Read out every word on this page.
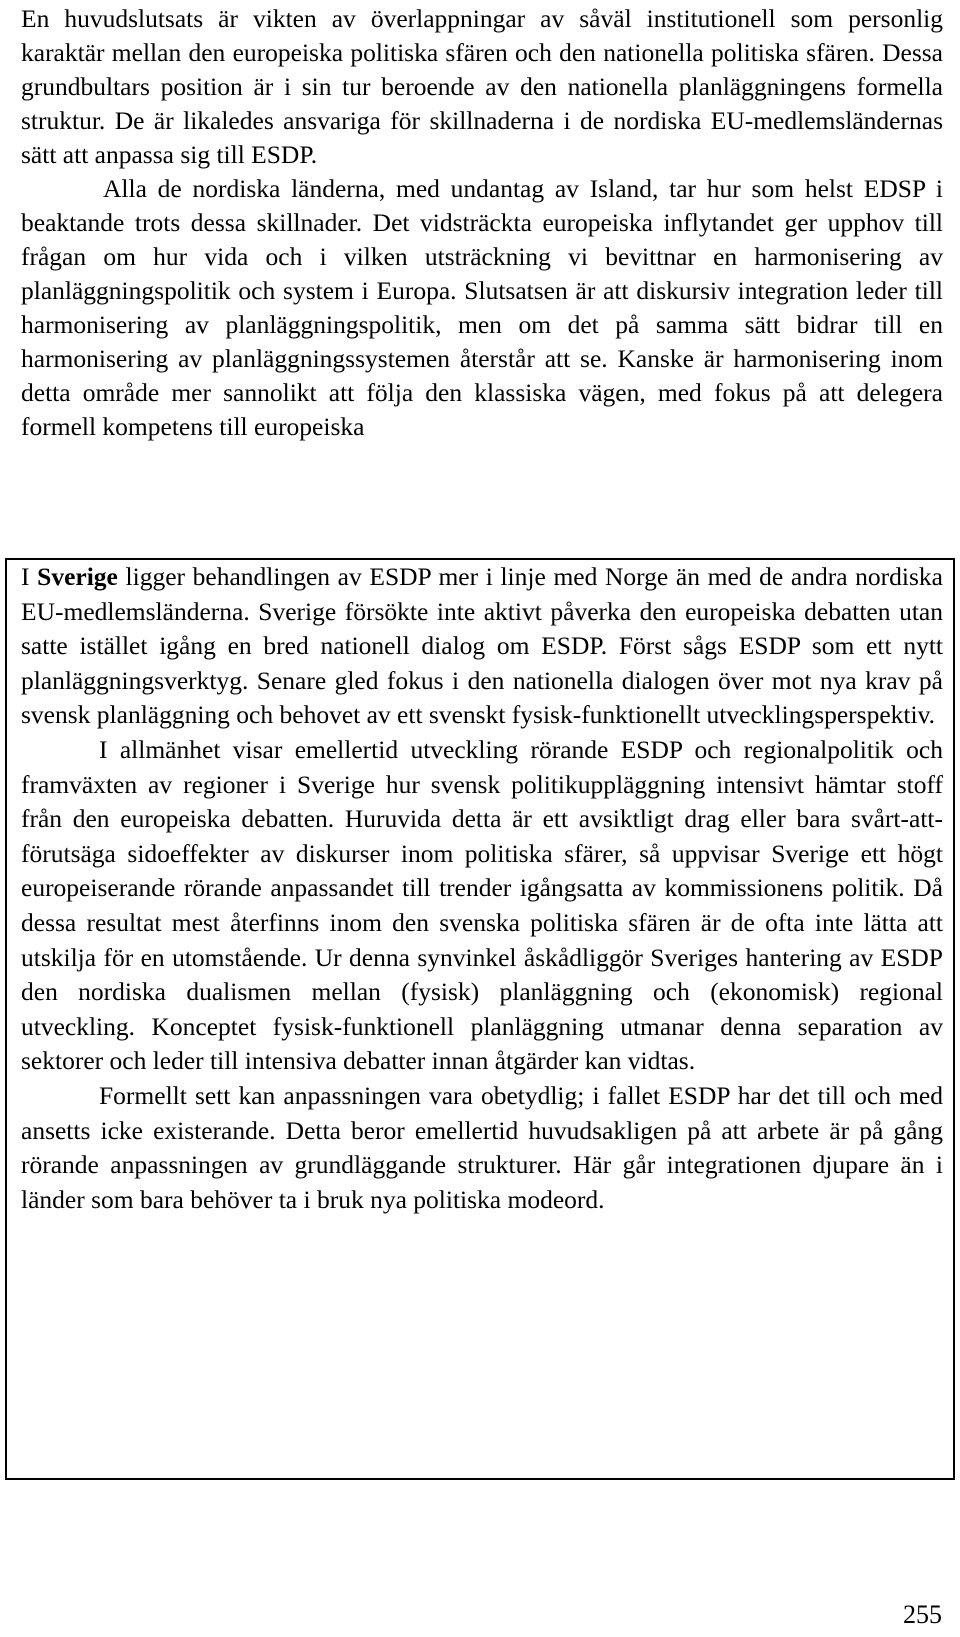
En huvudslutsats är vikten av överlappningar av såväl institutionell som personlig karaktär mellan den europeiska politiska sfären och den nationella politiska sfären. Dessa grundbultars position är i sin tur beroende av den nationella planläggningens formella struktur. De är likaledes ansvariga för skillnaderna i de nordiska EU-medlemsländernas sätt att anpassa sig till ESDP.

Alla de nordiska länderna, med undantag av Island, tar hur som helst EDSP i beaktande trots dessa skillnader. Det vidsträckta europeiska inflytandet ger upphov till frågan om hur vida och i vilken utsträckning vi bevittnar en harmonisering av planläggningspolitik och system i Europa. Slutsatsen är att diskursiv integration leder till harmonisering av planläggningspolitik, men om det på samma sätt bidrar till en harmonisering av planläggningssystemen återstår att se. Kanske är harmonisering inom detta område mer sannolikt att följa den klassiska vägen, med fokus på att delegera formell kompetens till europeiska

I Sverige ligger behandlingen av ESDP mer i linje med Norge än med de andra nordiska EU-medlemsländerna. Sverige försökte inte aktivt påverka den europeiska debatten utan satte istället igång en bred nationell dialog om ESDP. Först sågs ESDP som ett nytt planläggningsverktyg. Senare gled fokus i den nationella dialogen över mot nya krav på svensk planläggning och behovet av ett svenskt fysisk-funktionellt utvecklingsperspektiv.

I allmänhet visar emellertid utveckling rörande ESDP och regionalpolitik och framväxten av regioner i Sverige hur svensk politikuppläggning intensivt hämtar stoff från den europeiska debatten. Huruvida detta är ett avsiktligt drag eller bara svårt-att-förutsäga sidoeffekter av diskurser inom politiska sfärer, så uppvisar Sverige ett högt europeiserande rörande anpassandet till trender igångsatta av kommissionens politik. Då dessa resultat mest återfinns inom den svenska politiska sfären är de ofta inte lätta att utskilja för en utomstående. Ur denna synvinkel åskådliggör Sveriges hantering av ESDP den nordiska dualismen mellan (fysisk) planläggning och (ekonomisk) regional utveckling. Konceptet fysisk-funktionell planläggning utmanar denna separation av sektorer och leder till intensiva debatter innan åtgärder kan vidtas.

Formellt sett kan anpassningen vara obetydlig; i fallet ESDP har det till och med ansetts icke existerande. Detta beror emellertid huvudsakligen på att arbete är på gång rörande anpassningen av grundläggande strukturer. Här går integrationen djupare än i länder som bara behöver ta i bruk nya politiska modeord.

255
